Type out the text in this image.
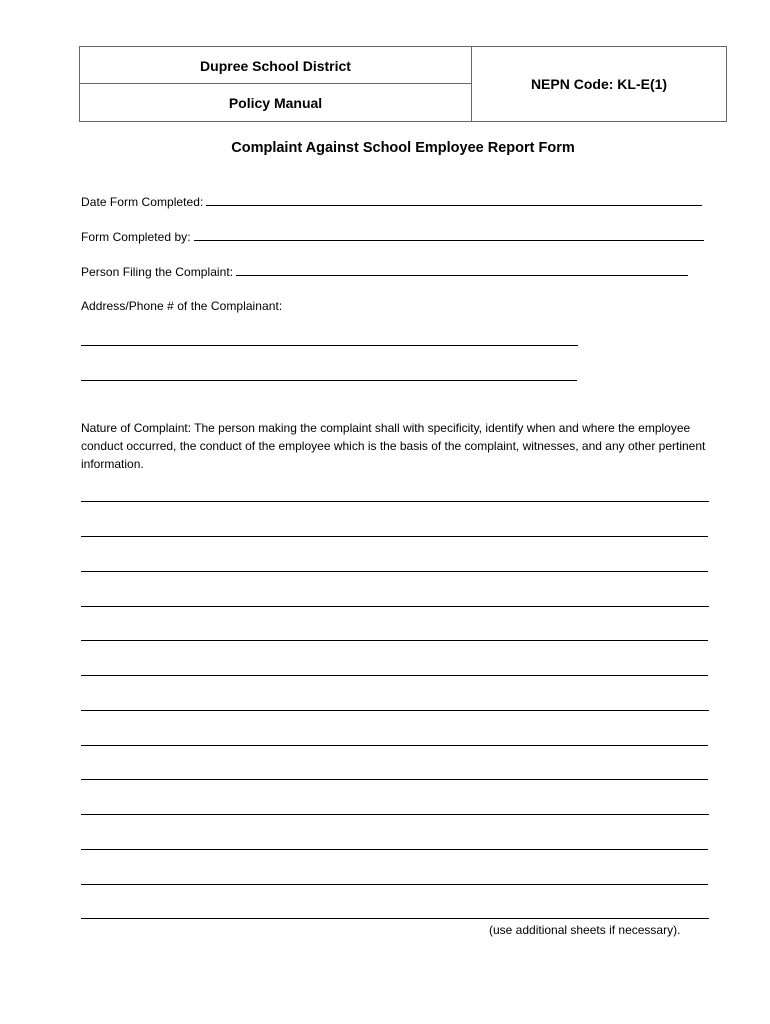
Dupree School District
Policy Manual
NEPN Code: KL-E(1)
Complaint Against School Employee Report Form
Date Form Completed:
Form Completed by:
Person Filing the Complaint:
Address/Phone # of the Complainant:
Nature of Complaint: The person making the complaint shall with specificity, identify when and where the employee conduct occurred, the conduct of the employee which is the basis of the complaint, witnesses, and any other pertinent information.
(use additional sheets if necessary).
